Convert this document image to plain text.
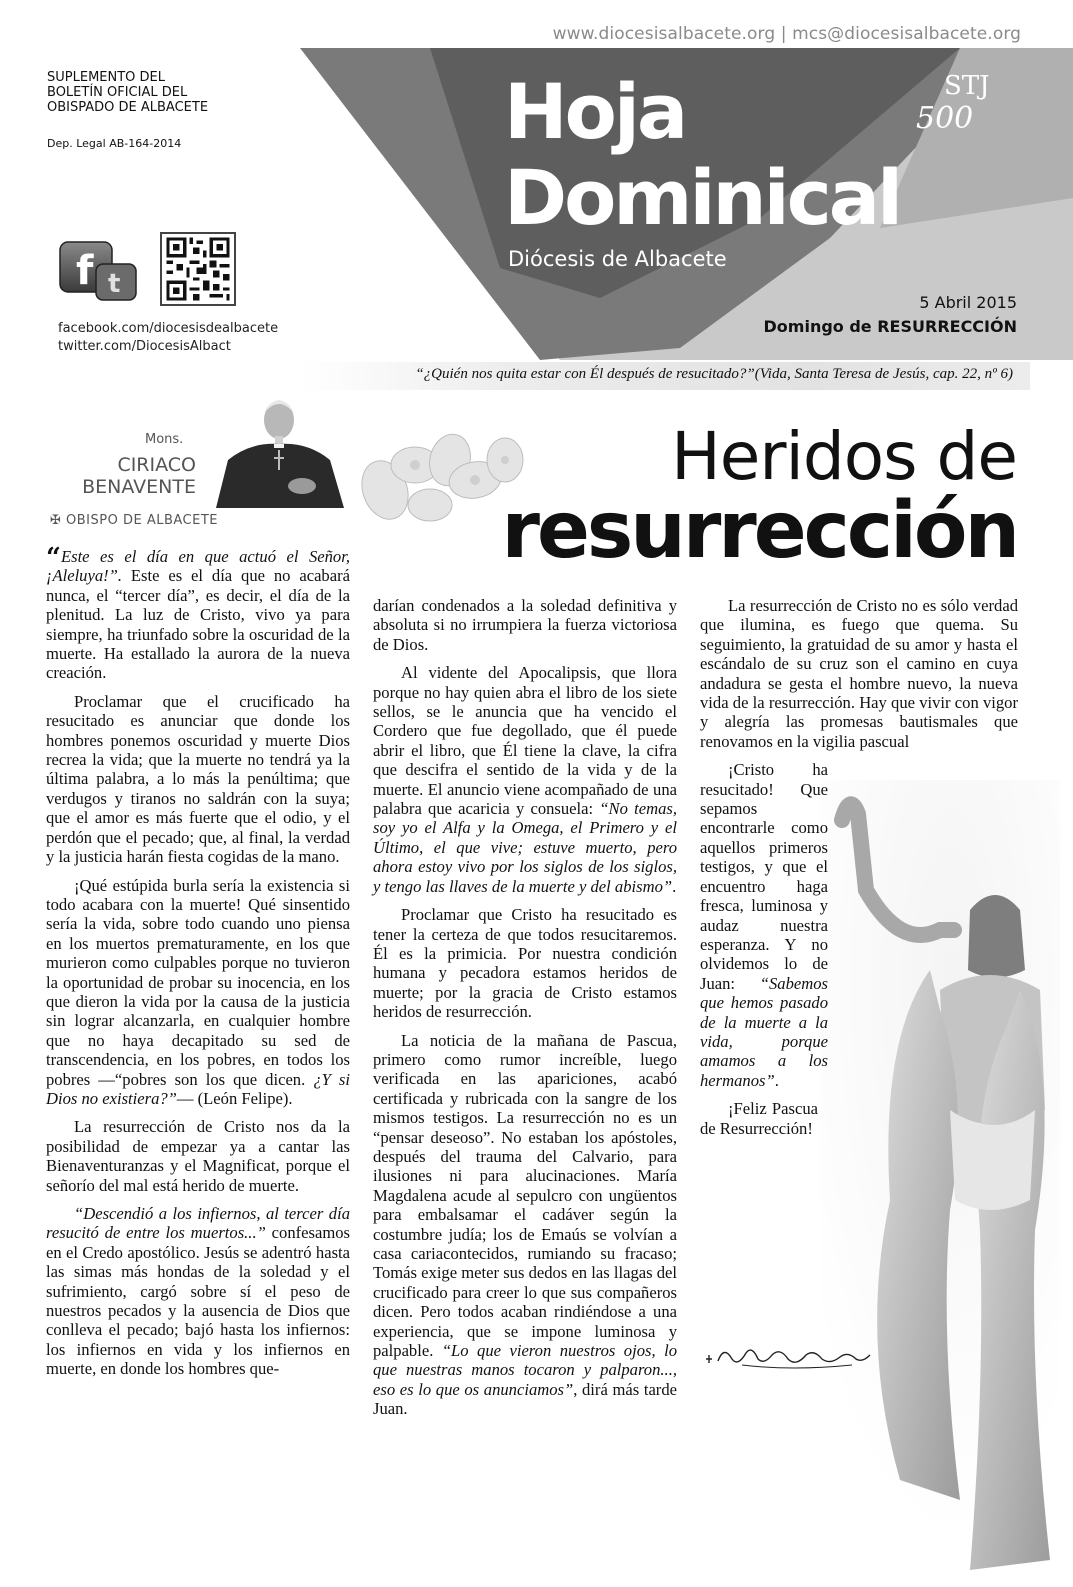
www.diocesisalbacete.org | mcs@diocesisalbacete.org
SUPLEMENTO DEL
BOLETÍN OFICIAL DEL
OBISPADO DE ALBACETE
Dep. Legal AB-164-2014	Hoja
Dominical
Diócesis de Albacete
STJ
500
5 Abril 2015
Domingo de RESURRECCIÓN
f t
facebook.com/diocesisdealbacete
twitter.com/DiocesisAlbact
“¿Quién nos quita estar con Él después de resucitado?”(Vida, Santa Teresa de Jesús, cap. 22, nº 6)
Mons.
CIRIACO
BENAVENTE
✠ OBISPO DE ALBACETE
Heridos de
resurrección

“Este es el día en que actuó el Señor, ¡Aleluya!”. Este es el día que no acabará nunca, el “tercer día”, es decir, el día de la plenitud. La luz de Cristo, vivo ya para siempre, ha triunfado sobre la oscuridad de la muerte. Ha estallado la aurora de la nueva creación.

Proclamar que el crucificado ha resucitado es anunciar que donde los hombres ponemos oscuridad y muerte Dios recrea la vida; que la muerte no tendrá ya la última palabra, a lo más la penúltima; que verdugos y tiranos no saldrán con la suya; que el amor es más fuerte que el odio, y el perdón que el pecado; que, al final, la verdad y la justicia harán fiesta cogidas de la mano.

¡Qué estúpida burla sería la existencia si todo acabara con la muerte! Qué sinsentido sería la vida, sobre todo cuando uno piensa en los muertos prematuramente, en los que murieron como culpables porque no tuvieron la oportunidad de probar su inocencia, en los que dieron la vida por la causa de la justicia sin lograr alcanzarla, en cualquier hombre que no haya decapitado su sed de transcendencia, en los pobres, en todos los pobres —“pobres son los que dicen. ¿Y si Dios no existiera?”— (León Felipe).

La resurrección de Cristo nos da la posibilidad de empezar ya a cantar las Bienaventuranzas y el Magnificat, porque el señorío del mal está herido de muerte.

“Descendió a los infiernos, al tercer día resucitó de entre los muertos...” confesamos en el Credo apostólico. Jesús se adentró hasta las simas más hondas de la soledad y el sufrimiento, cargó sobre sí el peso de nuestros pecados y la ausencia de Dios que conlleva el pecado; bajó hasta los infiernos: los infiernos en vida y los infiernos en muerte, en donde los hombres que-

darían condenados a la soledad definitiva y absoluta si no irrumpiera la fuerza victoriosa de Dios.

Al vidente del Apocalipsis, que llora porque no hay quien abra el libro de los siete sellos, se le anuncia que ha vencido el Cordero que fue degollado, que él puede abrir el libro, que Él tiene la clave, la cifra que descifra el sentido de la vida y de la muerte. El anuncio viene acompañado de una palabra que acaricia y consuela: “No temas, soy yo el Alfa y la Omega, el Primero y el Último, el que vive; estuve muerto, pero ahora estoy vivo por los siglos de los siglos, y tengo las llaves de la muerte y del abismo”.

Proclamar que Cristo ha resucitado es tener la certeza de que todos resucitaremos. Él es la primicia. Por nuestra condición humana y pecadora estamos heridos de muerte; por la gracia de Cristo estamos heridos de resurrección.

La noticia de la mañana de Pascua, primero como rumor increíble, luego verificada en las apariciones, acabó certificada y rubricada con la sangre de los mismos testigos. La resurrección no es un “pensar deseoso”. No estaban los apóstoles, después del trauma del Calvario, para ilusiones ni para alucinaciones. María Magdalena acude al sepulcro con ungüentos para embalsamar el cadáver según la costumbre judía; los de Emaús se volvían a casa cariacontecidos, rumiando su fracaso; Tomás exige meter sus dedos en las llagas del crucificado para creer lo que sus compañeros dicen. Pero todos acaban rindiéndose a una experiencia, que se impone luminosa y palpable. “Lo que vieron nuestros ojos, lo que nuestras manos tocaron y palparon..., eso es lo que os anunciamos”, dirá más tarde Juan.

La resurrección de Cristo no es sólo verdad que ilumina, es fuego que quema. Su seguimiento, la gratuidad de su amor y hasta el escándalo de su cruz son el camino en cuya andadura se gesta el hombre nuevo, la nueva vida de la resurrección. Hay que vivir con vigor y alegría las promesas bautismales que renovamos en la vigilia pascual

¡Cristo ha resucitado! Que sepamos encontrarle como aquellos primeros testigos, y que el encuentro haga fresca, luminosa y audaz nuestra esperanza. Y no olvidemos lo de Juan: “Sabemos que hemos pasado de la muerte a la vida, porque amamos a los hermanos”.

¡Feliz Pascua de Resurrección!
